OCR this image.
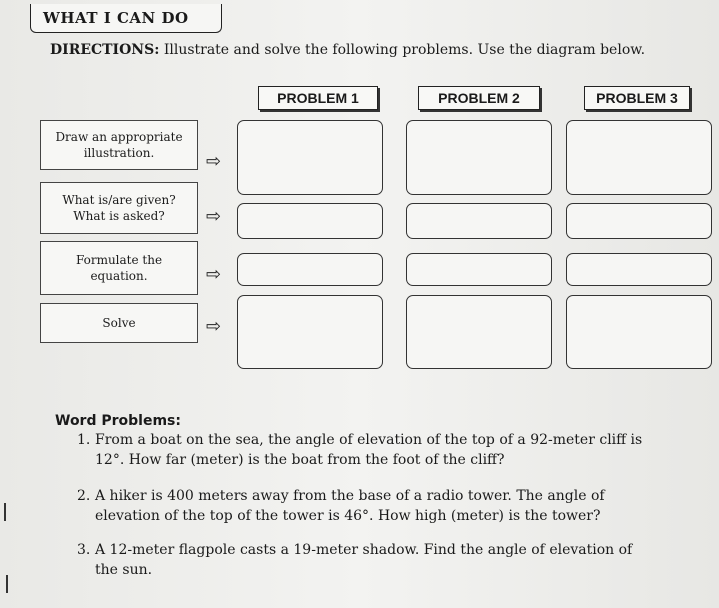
WHAT I CAN DO
DIRECTIONS: Illustrate and solve the following problems. Use the diagram below.
PROBLEM 1	PROBLEM 2	PROBLEM 3
Draw an appropriate
illustration.
What is/are given?
What is asked?
Formulate the
equation.
Solve
⇨
⇨
⇨
⇨
Word Problems:
1. From a boat on the sea, the angle of elevation of the top of a 92-meter cliff is
12°. How far (meter) is the boat from the foot of the cliff?
2. A hiker is 400 meters away from the base of a radio tower. The angle of
elevation of the top of the tower is 46°. How high (meter) is the tower?
3. A 12-meter flagpole casts a 19-meter shadow. Find the angle of elevation of
the sun.
